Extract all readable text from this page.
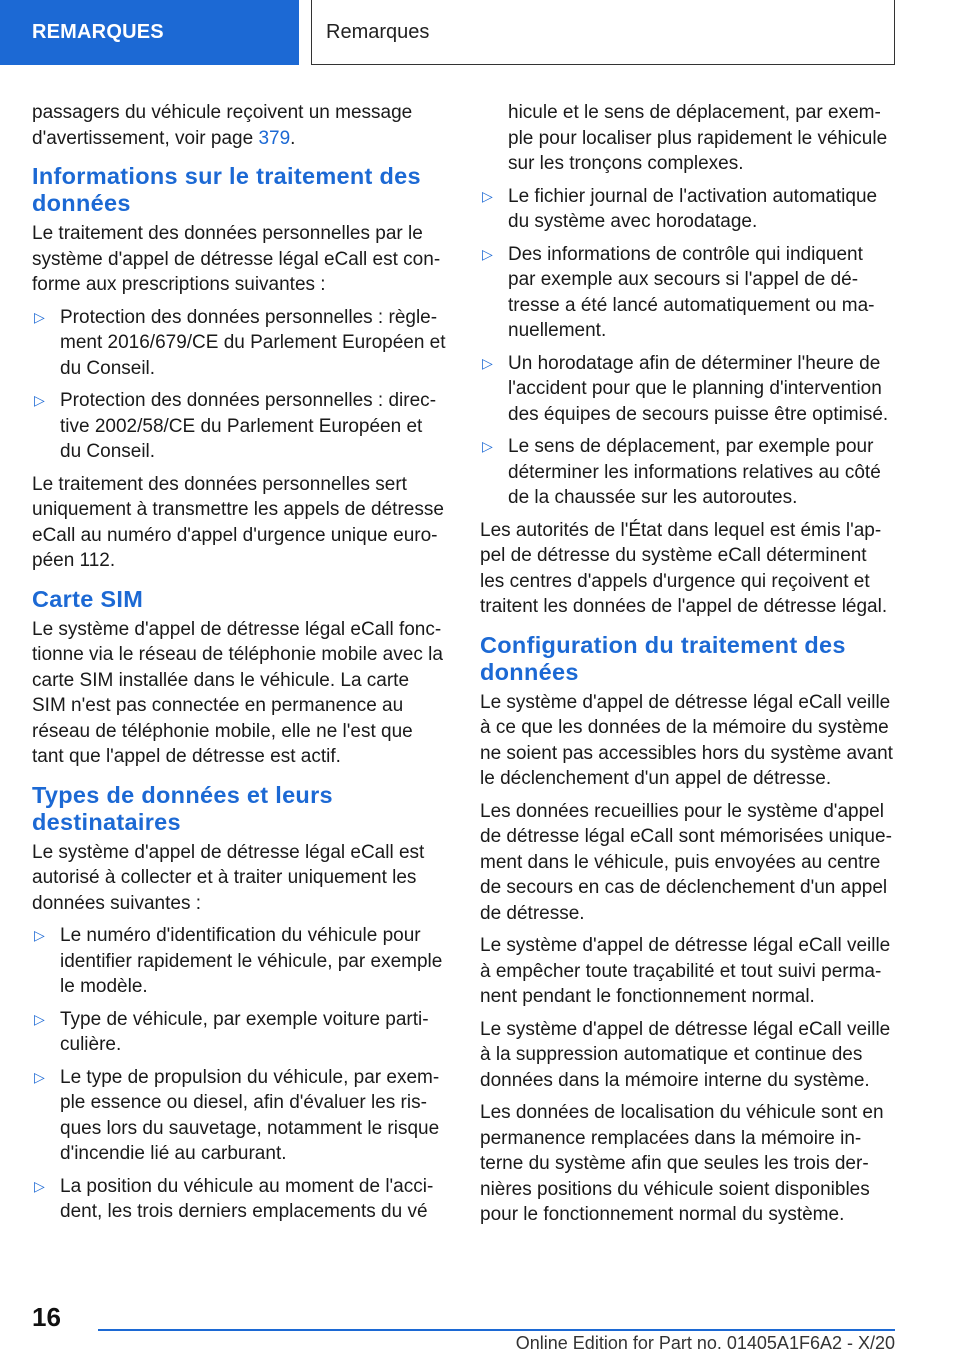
REMARQUES	Remarques

passagers du véhicule reçoivent un message d'avertissement, voir page 379.

Informations sur le traitement des données

Le traitement des données personnelles par le système d'appel de détresse légal eCall est conforme aux prescriptions suivantes :

▷ Protection des données personnelles : règlement 2016/679/CE du Parlement Européen et du Conseil.
▷ Protection des données personnelles : directive 2002/58/CE du Parlement Européen et du Conseil.

Le traitement des données personnelles sert uniquement à transmettre les appels de détresse eCall au numéro d'appel d'urgence unique européen 112.

Carte SIM

Le système d'appel de détresse légal eCall fonctionne via le réseau de téléphonie mobile avec la carte SIM installée dans le véhicule. La carte SIM n'est pas connectée en permanence au réseau de téléphonie mobile, elle ne l'est que tant que l'appel de détresse est actif.

Types de données et leurs destinataires

Le système d'appel de détresse légal eCall est autorisé à collecter et à traiter uniquement les données suivantes :

▷ Le numéro d'identification du véhicule pour identifier rapidement le véhicule, par exemple le modèle.
▷ Type de véhicule, par exemple voiture particulière.
▷ Le type de propulsion du véhicule, par exemple essence ou diesel, afin d'évaluer les risques lors du sauvetage, notamment le risque d'incendie lié au carburant.
▷ La position du véhicule au moment de l'accident, les trois derniers emplacements du vé

hicule et le sens de déplacement, par exemple pour localiser plus rapidement le véhicule sur les tronçons complexes.

▷ Le fichier journal de l'activation automatique du système avec horodatage.
▷ Des informations de contrôle qui indiquent par exemple aux secours si l'appel de détresse a été lancé automatiquement ou manuellement.
▷ Un horodatage afin de déterminer l'heure de l'accident pour que le planning d'intervention des équipes de secours puisse être optimisé.
▷ Le sens de déplacement, par exemple pour déterminer les informations relatives au côté de la chaussée sur les autoroutes.

Les autorités de l'État dans lequel est émis l'appel de détresse du système eCall déterminent les centres d'appels d'urgence qui reçoivent et traitent les données de l'appel de détresse légal.

Configuration du traitement des données

Le système d'appel de détresse légal eCall veille à ce que les données de la mémoire du système ne soient pas accessibles hors du système avant le déclenchement d'un appel de détresse.

Les données recueillies pour le système d'appel de détresse légal eCall sont mémorisées uniquement dans le véhicule, puis envoyées au centre de secours en cas de déclenchement d'un appel de détresse.

Le système d'appel de détresse légal eCall veille à empêcher toute traçabilité et tout suivi permanent pendant le fonctionnement normal.

Le système d'appel de détresse légal eCall veille à la suppression automatique et continue des données dans la mémoire interne du système.

Les données de localisation du véhicule sont en permanence remplacées dans la mémoire interne du système afin que seules les trois dernières positions du véhicule soient disponibles pour le fonctionnement normal du système.

16
Online Edition for Part no. 01405A1F6A2 - X/20
